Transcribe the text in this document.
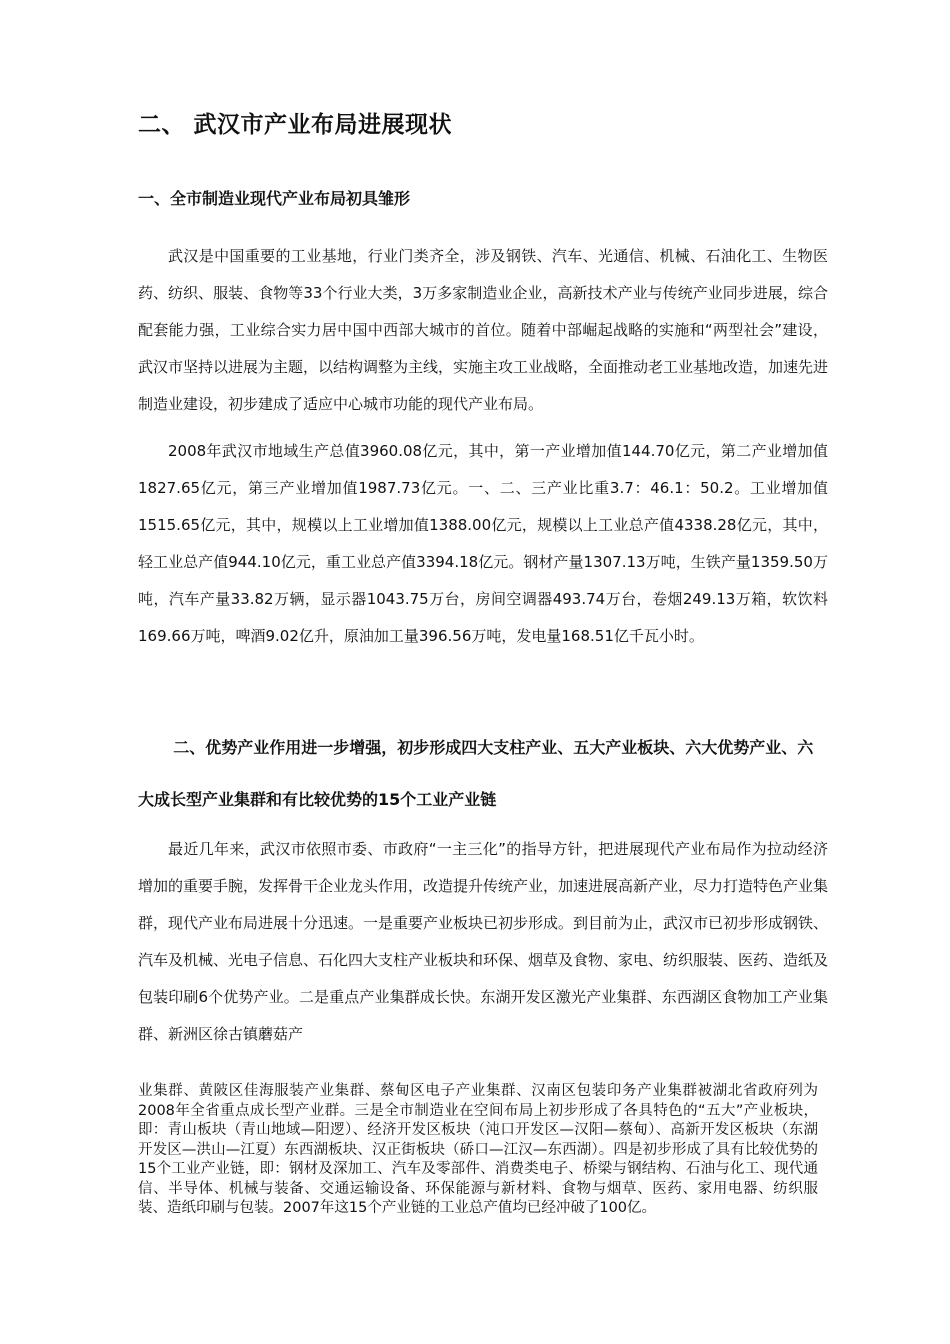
二、 武汉市产业布局进展现状
一、全市制造业现代产业布局初具雏形

武汉是中国重要的工业基地，行业门类齐全，涉及钢铁、汽车、光通信、机械、石油化工、生物医药、纺织、服装、食物等33个行业大类，3万多家制造业企业，高新技术产业与传统产业同步进展，综合配套能力强，工业综合实力居中国中西部大城市的首位。随着中部崛起战略的实施和“两型社会”建设，武汉市坚持以进展为主题，以结构调整为主线，实施主攻工业战略，全面推动老工业基地改造，加速先进制造业建设，初步建成了适应中心城市功能的现代产业布局。

2008年武汉市地域生产总值3960.08亿元，其中，第一产业增加值144.70亿元，第二产业增加值1827.65亿元，第三产业增加值1987.73亿元。一、二、三产业比重3.7：46.1：50.2。工业增加值1515.65亿元，其中，规模以上工业增加值1388.00亿元，规模以上工业总产值4338.28亿元，其中，轻工业总产值944.10亿元，重工业总产值3394.18亿元。钢材产量1307.13万吨，生铁产量1359.50万吨，汽车产量33.82万辆，显示器1043.75万台，房间空调器493.74万台，卷烟249.13万箱，软饮料169.66万吨，啤酒9.02亿升，原油加工量396.56万吨，发电量168.51亿千瓦小时。

二、优势产业作用进一步增强，初步形成四大支柱产业、五大产业板块、六大优势产业、六大成长型产业集群和有比较优势的15个工业产业链

最近几年来，武汉市依照市委、市政府“一主三化”的指导方针，把进展现代产业布局作为拉动经济增加的重要手腕，发挥骨干企业龙头作用，改造提升传统产业，加速进展高新产业，尽力打造特色产业集群，现代产业布局进展十分迅速。一是重要产业板块已初步形成。到目前为止，武汉市已初步形成钢铁、汽车及机械、光电子信息、石化四大支柱产业板块和环保、烟草及食物、家电、纺织服装、医药、造纸及包装印刷6个优势产业。二是重点产业集群成长快。东湖开发区激光产业集群、东西湖区食物加工产业集群、新洲区徐古镇蘑菇产

业集群、黄陂区佳海服装产业集群、蔡甸区电子产业集群、汉南区包装印务产业集群被湖北省政府列为2008年全省重点成长型产业群。三是全市制造业在空间布局上初步形成了各具特色的“五大”产业板块，即：青山板块（青山地域—阳逻）、经济开发区板块（沌口开发区—汉阳—蔡甸）、高新开发区板块（东湖开发区—洪山—江夏）东西湖板块、汉正街板块（硚口—江汉—东西湖）。四是初步形成了具有比较优势的15个工业产业链，即：钢材及深加工、汽车及零部件、消费类电子、桥梁与钢结构、石油与化工、现代通信、半导体、机械与装备、交通运输设备、环保能源与新材料、食物与烟草、医药、家用电器、纺织服装、造纸印刷与包装。2007年这15个产业链的工业总产值均已经冲破了100亿。
